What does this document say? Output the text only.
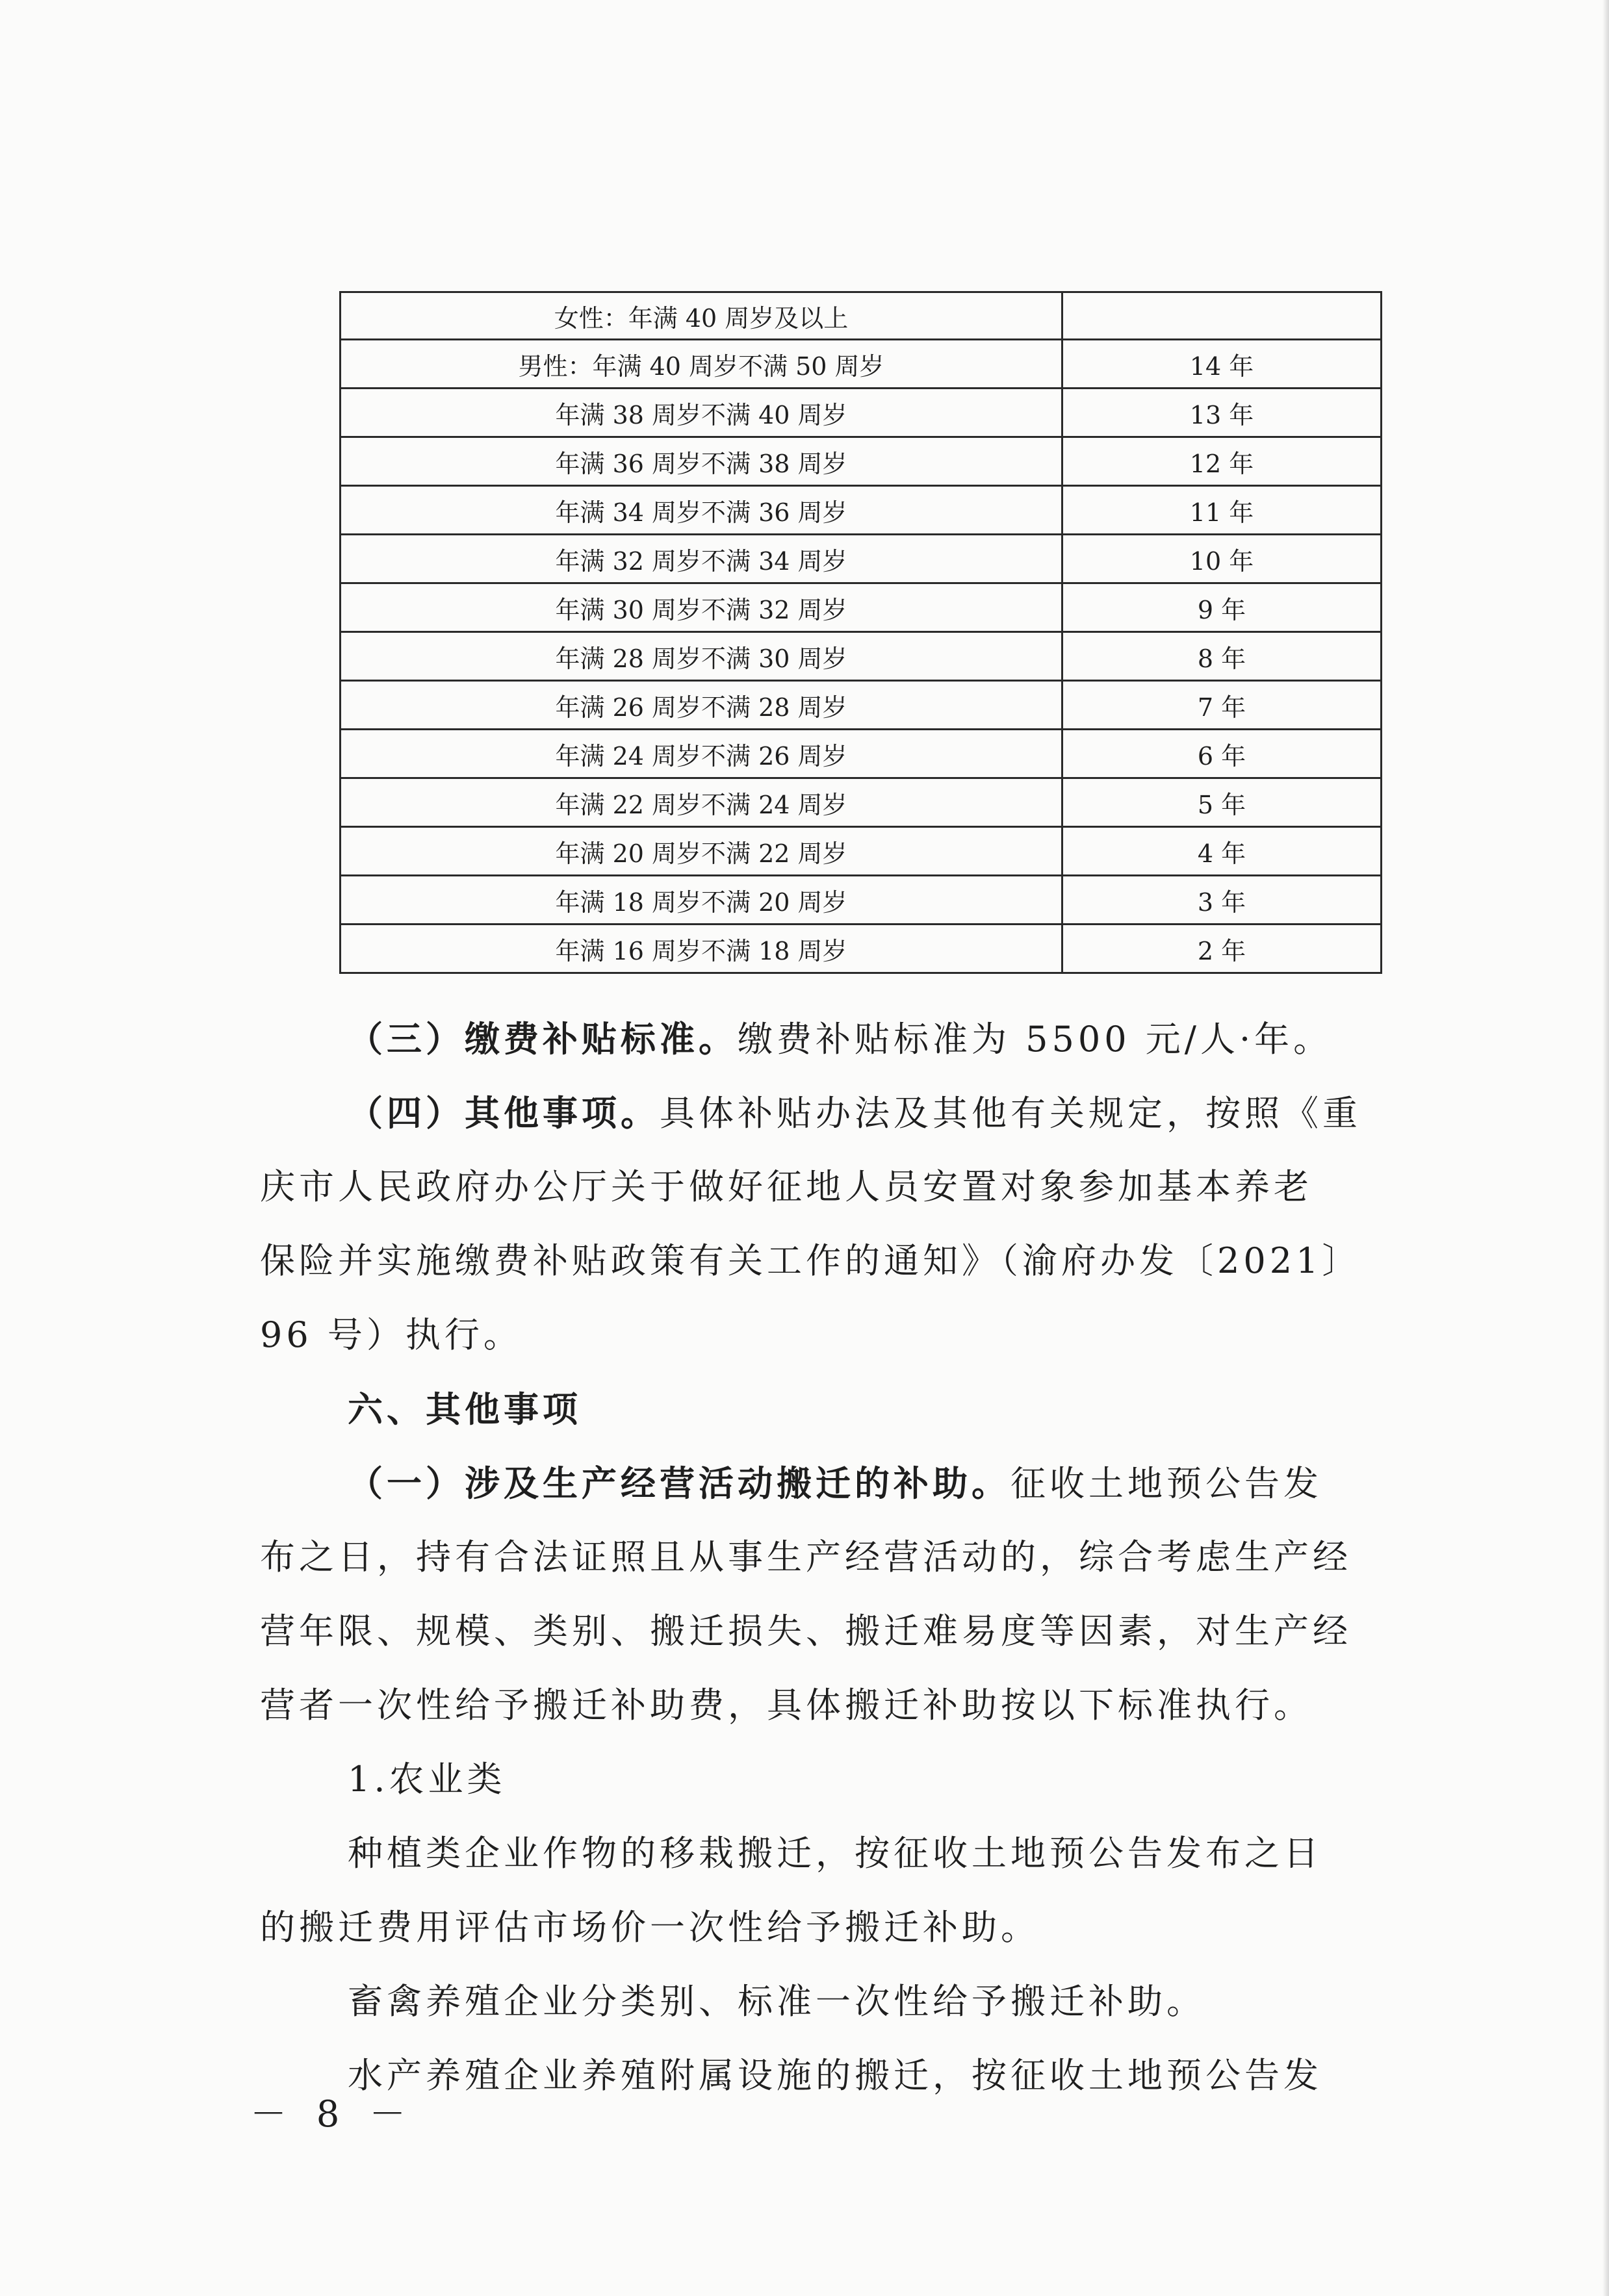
女性：年满 40 周岁及以上	
男性：年满 40 周岁不满 50 周岁	14 年
年满 38 周岁不满 40 周岁	13 年
年满 36 周岁不满 38 周岁	12 年
年满 34 周岁不满 36 周岁	11 年
年满 32 周岁不满 34 周岁	10 年
年满 30 周岁不满 32 周岁	9 年
年满 28 周岁不满 30 周岁	8 年
年满 26 周岁不满 28 周岁	7 年
年满 24 周岁不满 26 周岁	6 年
年满 22 周岁不满 24 周岁	5 年
年满 20 周岁不满 22 周岁	4 年
年满 18 周岁不满 20 周岁	3 年
年满 16 周岁不满 18 周岁	2 年
（三）缴费补贴标准。缴费补贴标准为 5500 元/人·年。
（四）其他事项。具体补贴办法及其他有关规定，按照《重
庆市人民政府办公厅关于做好征地人员安置对象参加基本养老
保险并实施缴费补贴政策有关工作的通知》（渝府办发〔2021〕
96 号）执行。
六、其他事项
（一）涉及生产经营活动搬迁的补助。征收土地预公告发
布之日，持有合法证照且从事生产经营活动的，综合考虑生产经
营年限、规模、类别、搬迁损失、搬迁难易度等因素，对生产经
营者一次性给予搬迁补助费，具体搬迁补助按以下标准执行。
1.农业类
种植类企业作物的移栽搬迁，按征收土地预公告发布之日
的搬迁费用评估市场价一次性给予搬迁补助。
畜禽养殖企业分类别、标准一次性给予搬迁补助。
水产养殖企业养殖附属设施的搬迁，按征收土地预公告发
－ 8 －
